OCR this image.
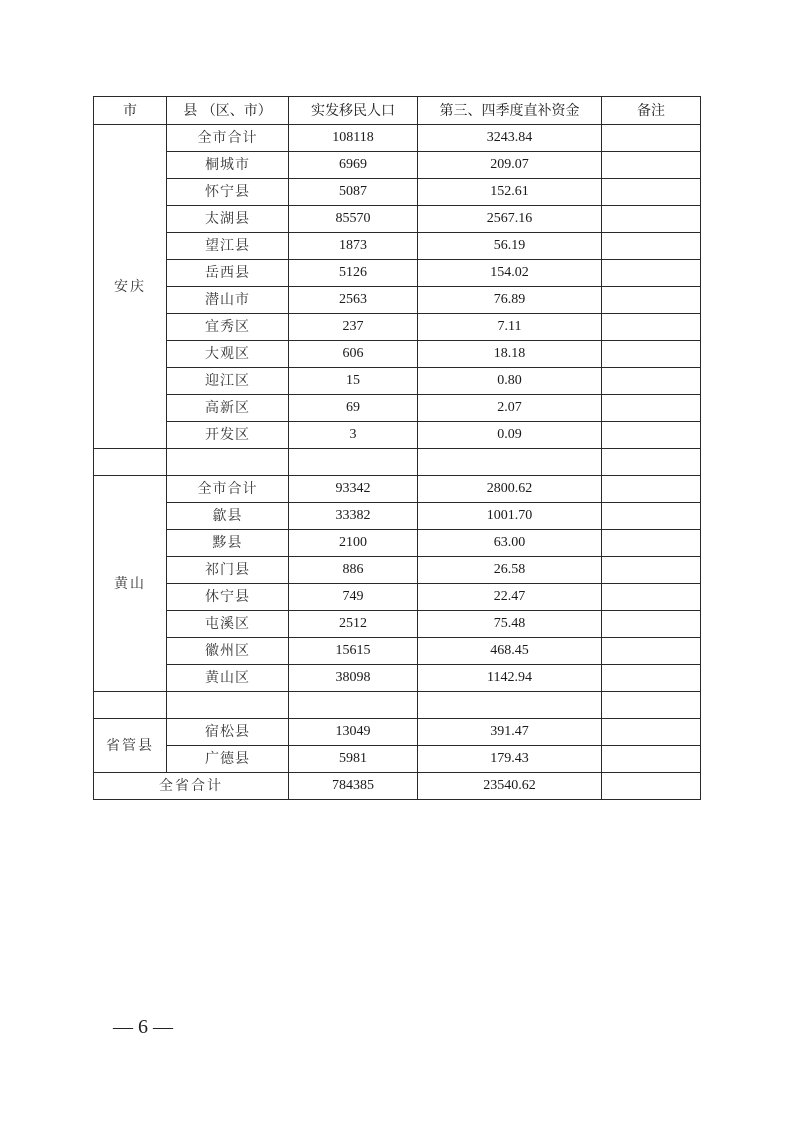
市	县 （区、市）	实发移民人口	第三、四季度直补资金	备注
安庆	全市合计	108118	3243.84	
	桐城市	6969	209.07	
	怀宁县	5087	152.61	
	太湖县	85570	2567.16	
	望江县	1873	56.19	
	岳西县	5126	154.02	
	潜山市	2563	76.89	
	宜秀区	237	7.11	
	大观区	606	18.18	
	迎江区	15	0.80	
	高新区	69	2.07	
	开发区	3	0.09	

黄山	全市合计	93342	2800.62	
	歙县	33382	1001.70	
	黟县	2100	63.00	
	祁门县	886	26.58	
	休宁县	749	22.47	
	屯溪区	2512	75.48	
	徽州区	15615	468.45	
	黄山区	38098	1142.94	

省管县	宿松县	13049	391.47	
	广德县	5981	179.43	
全省合计		784385	23540.62	
— 6 —
